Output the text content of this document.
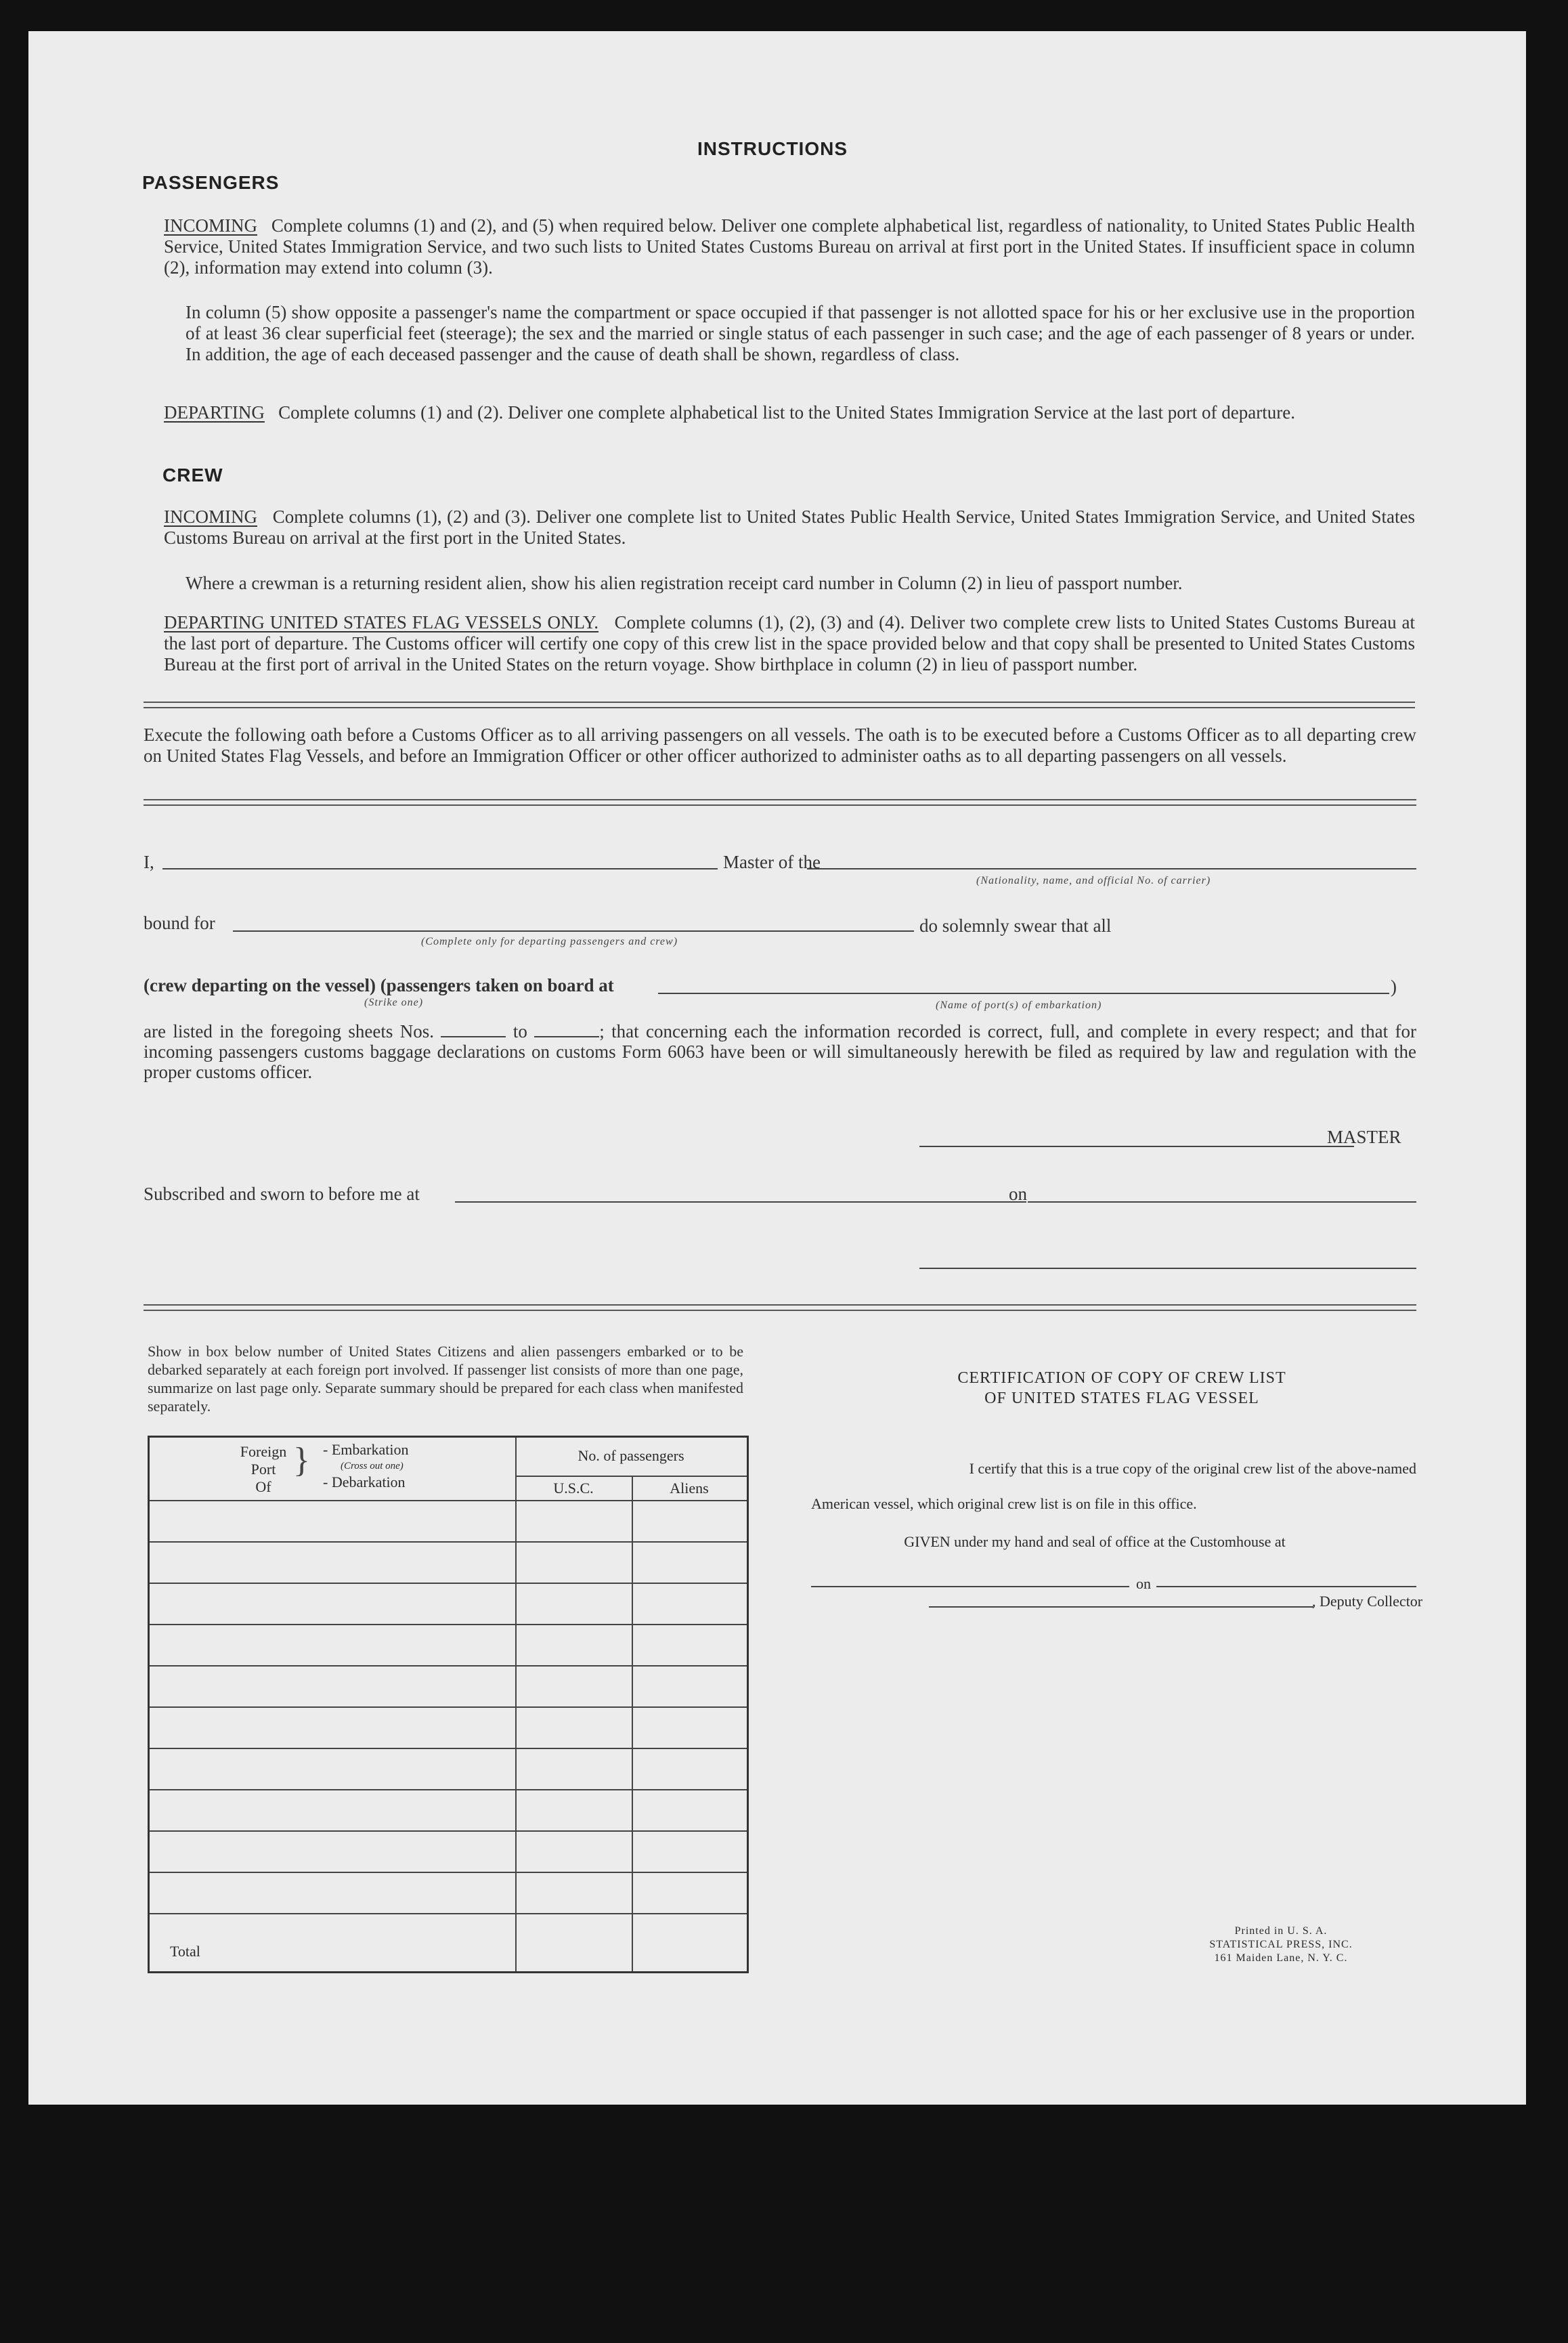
INSTRUCTIONS
PASSENGERS
INCOMING Complete columns (1) and (2), and (5) when required below. Deliver one complete alphabetical list, regardless of nationality, to United States Public Health Service, United States Immigration Service, and two such lists to United States Customs Bureau on arrival at first port in the United States. If insufficient space in column (2), information may extend into column (3).
In column (5) show opposite a passenger's name the compartment or space occupied if that passenger is not allotted space for his or her exclusive use in the proportion of at least 36 clear superficial feet (steerage); the sex and the married or single status of each passenger in such case; and the age of each passenger of 8 years or under. In addition, the age of each deceased passenger and the cause of death shall be shown, regardless of class.
DEPARTING Complete columns (1) and (2). Deliver one complete alphabetical list to the United States Immigration Service at the last port of departure.
CREW
INCOMING Complete columns (1), (2) and (3). Deliver one complete list to United States Public Health Service, United States Immigration Service, and United States Customs Bureau on arrival at the first port in the United States.
Where a crewman is a returning resident alien, show his alien registration receipt card number in Column (2) in lieu of passport number.
DEPARTING UNITED STATES FLAG VESSELS ONLY. Complete columns (1), (2), (3) and (4). Deliver two complete crew lists to United States Customs Bureau at the last port of departure. The Customs officer will certify one copy of this crew list in the space provided below and that copy shall be presented to United States Customs Bureau at the first port of arrival in the United States on the return voyage. Show birthplace in column (2) in lieu of passport number.
Execute the following oath before a Customs Officer as to all arriving passengers on all vessels. The oath is to be executed before a Customs Officer as to all departing crew on United States Flag Vessels, and before an Immigration Officer or other officer authorized to administer oaths as to all departing passengers on all vessels.
I,	Master of the
(Nationality, name, and official No. of carrier)
bound for
(Complete only for departing passengers and crew)
do solemnly swear that all
(crew departing on the vessel) (passengers taken on board at	)
(Strike one)	(Name of port(s) of embarkation)
are listed in the foregoing sheets Nos.	to	; that concerning each the information recorded is correct, full, and complete in every respect; and that for incoming passengers customs baggage declarations on customs Form 6063 have been or will simultaneously herewith be filed as required by law and regulation with the proper customs officer.
MASTER
Subscribed and sworn to before me at	on
Show in box below number of United States Citizens and alien passengers embarked or to be debarked separately at each foreign port involved. If passenger list consists of more than one page, summarize on last page only. Separate summary should be prepared for each class when manifested separately.
Foreign
Port
Of
} - Embarkation
(Cross out one)
- Debarkation
No. of passengers
U.S.C.	Aliens
Total
CERTIFICATION OF COPY OF CREW LIST
OF UNITED STATES FLAG VESSEL
I certify that this is a true copy of the original crew list of the above-named
American vessel, which original crew list is on file in this office.
GIVEN under my hand and seal of office at the Customhouse at
on
, Deputy Collector
Printed in U. S. A.
STATISTICAL PRESS, INC.
161 Maiden Lane, N. Y. C.
